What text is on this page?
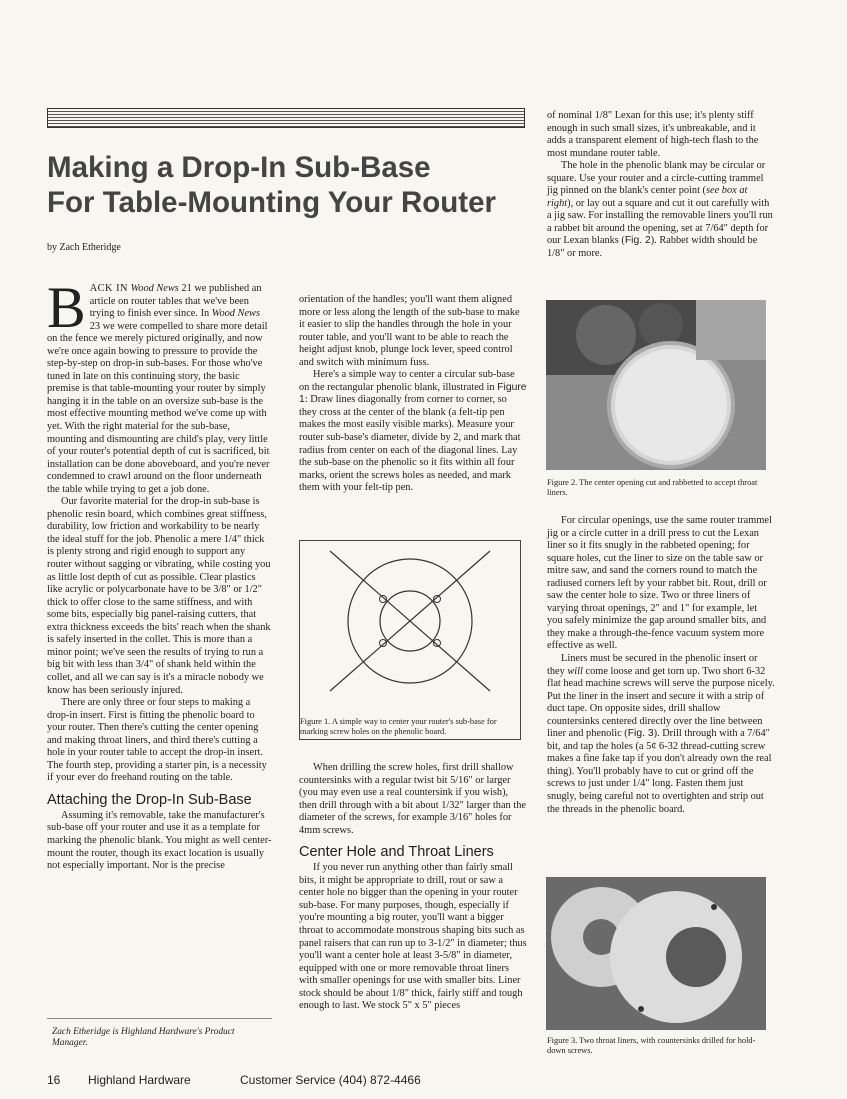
Making a Drop-In Sub-Base
For Table-Mounting Your Router
by Zach Etheridge

B ACK IN Wood News 21 we published an article on router tables that we've been trying to finish ever since. In Wood News 23 we were compelled to share more detail on the fence we merely pictured originally, and now we're once again bowing to pressure to provide the step-by-step on drop-in sub-bases. For those who've tuned in late on this continuing story, the basic premise is that table-mounting your router by simply hanging it in the table on an oversize sub-base is the most effective mounting method we've come up with yet. With the right material for the sub-base, mounting and dismounting are child's play, very little of your router's potential depth of cut is sacrificed, bit installation can be done aboveboard, and you're never condemned to crawl around on the floor underneath the table while trying to get a job done.

Our favorite material for the drop-in sub-base is phenolic resin board, which combines great stiffness, durability, low friction and workability to be nearly the ideal stuff for the job. Phenolic a mere 1/4" thick is plenty strong and rigid enough to support any router without sagging or vibrating, while costing you as little lost depth of cut as possible. Clear plastics like acrylic or polycarbonate have to be 3/8" or 1/2" thick to offer close to the same stiffness, and with some bits, especially big panel-raising cutters, that extra thickness exceeds the bits' reach when the shank is safely inserted in the collet. This is more than a minor point; we've seen the results of trying to run a big bit with less than 3/4" of shank held within the collet, and all we can say is it's a miracle nobody we know has been seriously injured.

There are only three or four steps to making a drop-in insert. First is fitting the phenolic board to your router. Then there's cutting the center opening and making throat liners, and third there's cutting a hole in your router table to accept the drop-in insert. The fourth step, providing a starter pin, is a necessity if your ever do freehand routing on the table.

Attaching the Drop-In Sub-Base

Assuming it's removable, take the manufacturer's sub-base off your router and use it as a template for marking the phenolic blank. You might as well center-mount the router, though its exact location is usually not especially important. Nor is the precise

Zach Etheridge is Highland Hardware's Product Manager.

orientation of the handles; you'll want them aligned more or less along the length of the sub-base to make it easier to slip the handles through the hole in your router table, and you'll want to be able to reach the height adjust knob, plunge lock lever, speed control and switch with minimum fuss.

Here's a simple way to center a circular sub-base on the rectangular phenolic blank, illustrated in Figure 1: Draw lines diagonally from corner to corner, so they cross at the center of the blank (a felt-tip pen makes the most easily visible marks). Measure your router sub-base's diameter, divide by 2, and mark that radius from center on each of the diagonal lines. Lay the sub-base on the phenolic so it fits within all four marks, orient the screws holes as needed, and mark them with your felt-tip pen.

Figure 1. A simple way to center your router's sub-base for marking screw holes on the phenolic board.

When drilling the screw holes, first drill shallow countersinks with a regular twist bit 5/16" or larger (you may even use a real countersink if you wish), then drill through with a bit about 1/32" larger than the diameter of the screws, for example 3/16" holes for 4mm screws.

Center Hole and Throat Liners

If you never run anything other than fairly small bits, it might be appropriate to drill, rout or saw a center hole no bigger than the opening in your router sub-base. For many purposes, though, especially if you're mounting a big router, you'll want a bigger throat to accommodate monstrous shaping bits such as panel raisers that can run up to 3-1/2" in diameter; thus you'll want a center hole at least 3-5/8" in diameter, equipped with one or more removable throat liners with smaller openings for use with smaller bits. Liner stock should be about 1/8" thick, fairly stiff and tough enough to last. We stock 5" x 5" pieces

of nominal 1/8" Lexan for this use; it's plenty stiff enough in such small sizes, it's unbreakable, and it adds a transparent element of high-tech flash to the most mundane router table.

The hole in the phenolic blank may be circular or square. Use your router and a circle-cutting trammel jig pinned on the blank's center point (see box at right), or lay out a square and cut it out carefully with a jig saw. For installing the removable liners you'll run a rabbet bit around the opening, set at 7/64" depth for our Lexan blanks (Fig. 2). Rabbet width should be 1/8" or more.

Figure 2. The center opening cut and rabbetted to accept throat liners.

For circular openings, use the same router trammel jig or a circle cutter in a drill press to cut the Lexan liner so it fits snugly in the rabbeted opening; for square holes, cut the liner to size on the table saw or mitre saw, and sand the corners round to match the radiused corners left by your rabbet bit. Rout, drill or saw the center hole to size. Two or three liners of varying throat openings, 2" and 1" for example, let you safely minimize the gap around smaller bits, and they make a through-the-fence vacuum system more effective as well.

Liners must be secured in the phenolic insert or they will come loose and get torn up. Two short 6-32 flat head machine screws will serve the purpose nicely. Put the liner in the insert and secure it with a strip of duct tape. On opposite sides, drill shallow countersinks centered directly over the line between liner and phenolic (Fig. 3). Drill through with a 7/64" bit, and tap the holes (a 5¢ 6-32 thread-cutting screw makes a fine fake tap if you don't already own the real thing). You'll probably have to cut or grind off the screws to just under 1/4" long. Fasten them just snugly, being careful not to overtighten and strip out the threads in the phenolic board.

Figure 3. Two throat liners, with countersinks drilled for hold-down screws.
16 Highland Hardware	Customer Service (404) 872-4466
